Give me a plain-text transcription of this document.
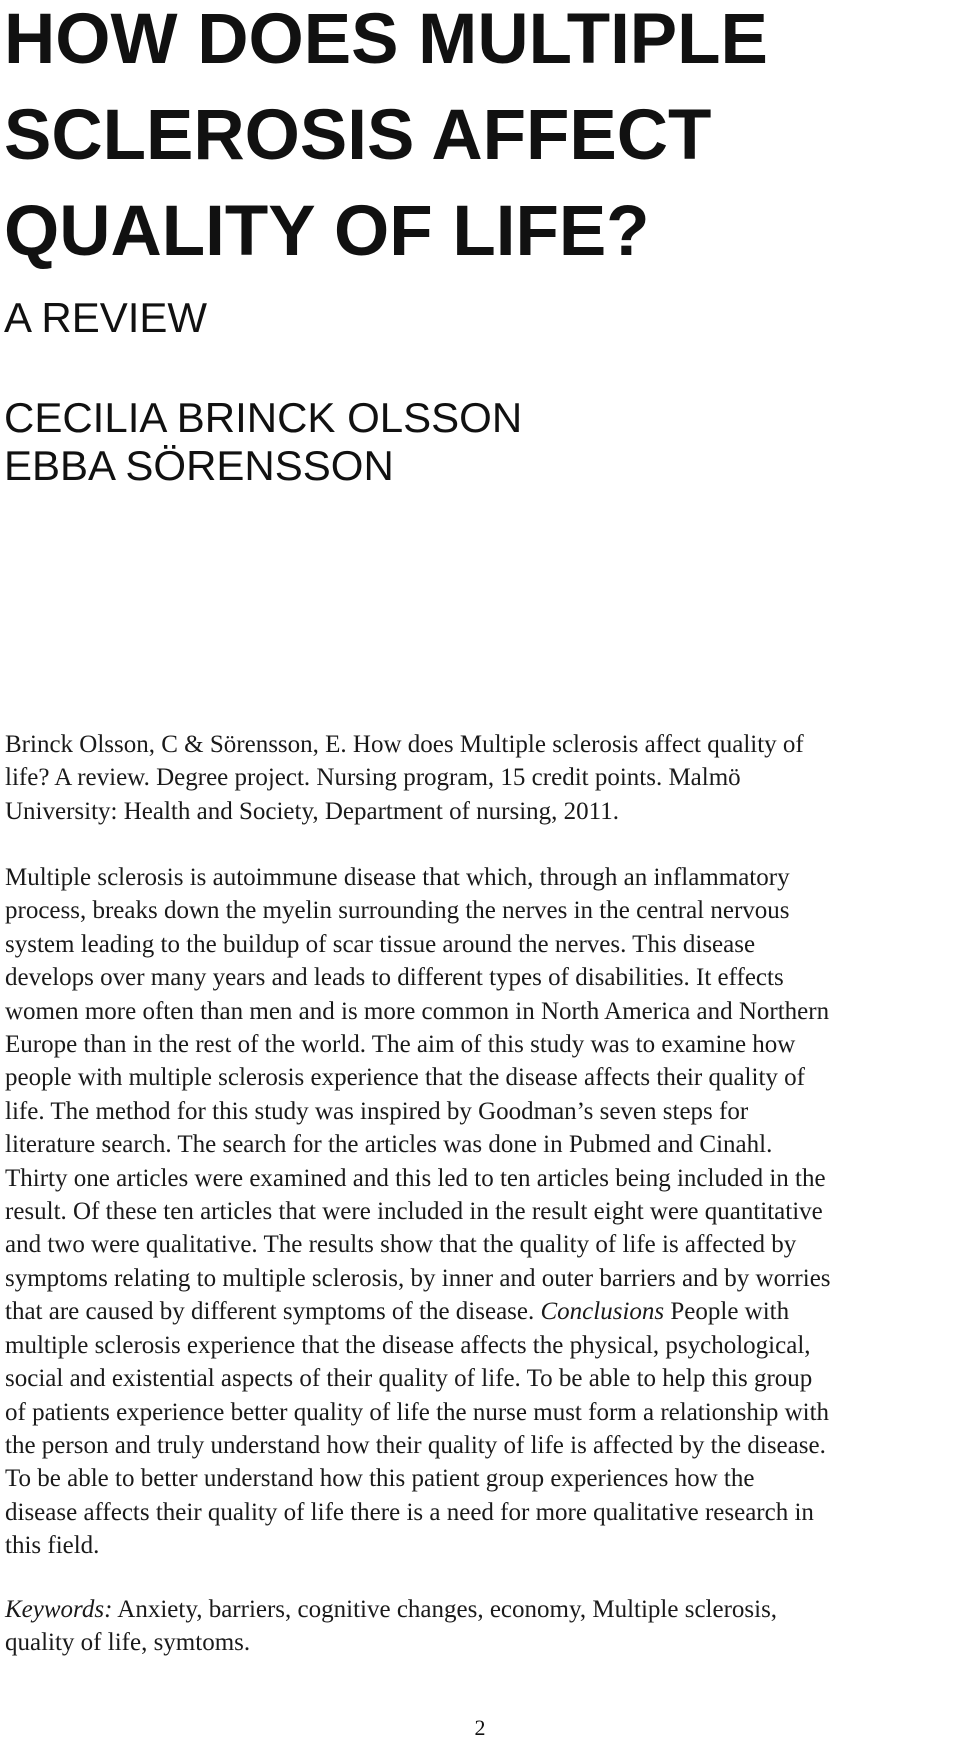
HOW DOES MULTIPLE
SCLEROSIS AFFECT
QUALITY OF LIFE?
A REVIEW
CECILIA BRINCK OLSSON
EBBA SÖRENSSON

Brinck Olsson, C & Sörensson, E. How does Multiple sclerosis affect quality of
life? A review. Degree project. Nursing program, 15 credit points. Malmö
University: Health and Society, Department of nursing, 2011.

Multiple sclerosis is autoimmune disease that which, through an inflammatory
process, breaks down the myelin surrounding the nerves in the central nervous
system leading to the buildup of scar tissue around the nerves. This disease
develops over many years and leads to different types of disabilities. It effects
women more often than men and is more common in North America and Northern
Europe than in the rest of the world. The aim of this study was to examine how
people with multiple sclerosis experience that the disease affects their quality of
life. The method for this study was inspired by Goodman’s seven steps for
literature search. The search for the articles was done in Pubmed and Cinahl.
Thirty one articles were examined and this led to ten articles being included in the
result. Of these ten articles that were included in the result eight were quantitative
and two were qualitative. The results show that the quality of life is affected by
symptoms relating to multiple sclerosis, by inner and outer barriers and by worries
that are caused by different symptoms of the disease. Conclusions People with
multiple sclerosis experience that the disease affects the physical, psychological,
social and existential aspects of their quality of life. To be able to help this group
of patients experience better quality of life the nurse must form a relationship with
the person and truly understand how their quality of life is affected by the disease.
To be able to better understand how this patient group experiences how the
disease affects their quality of life there is a need for more qualitative research in
this field.

Keywords: Anxiety, barriers, cognitive changes, economy, Multiple sclerosis,
quality of life, symtoms.

2
